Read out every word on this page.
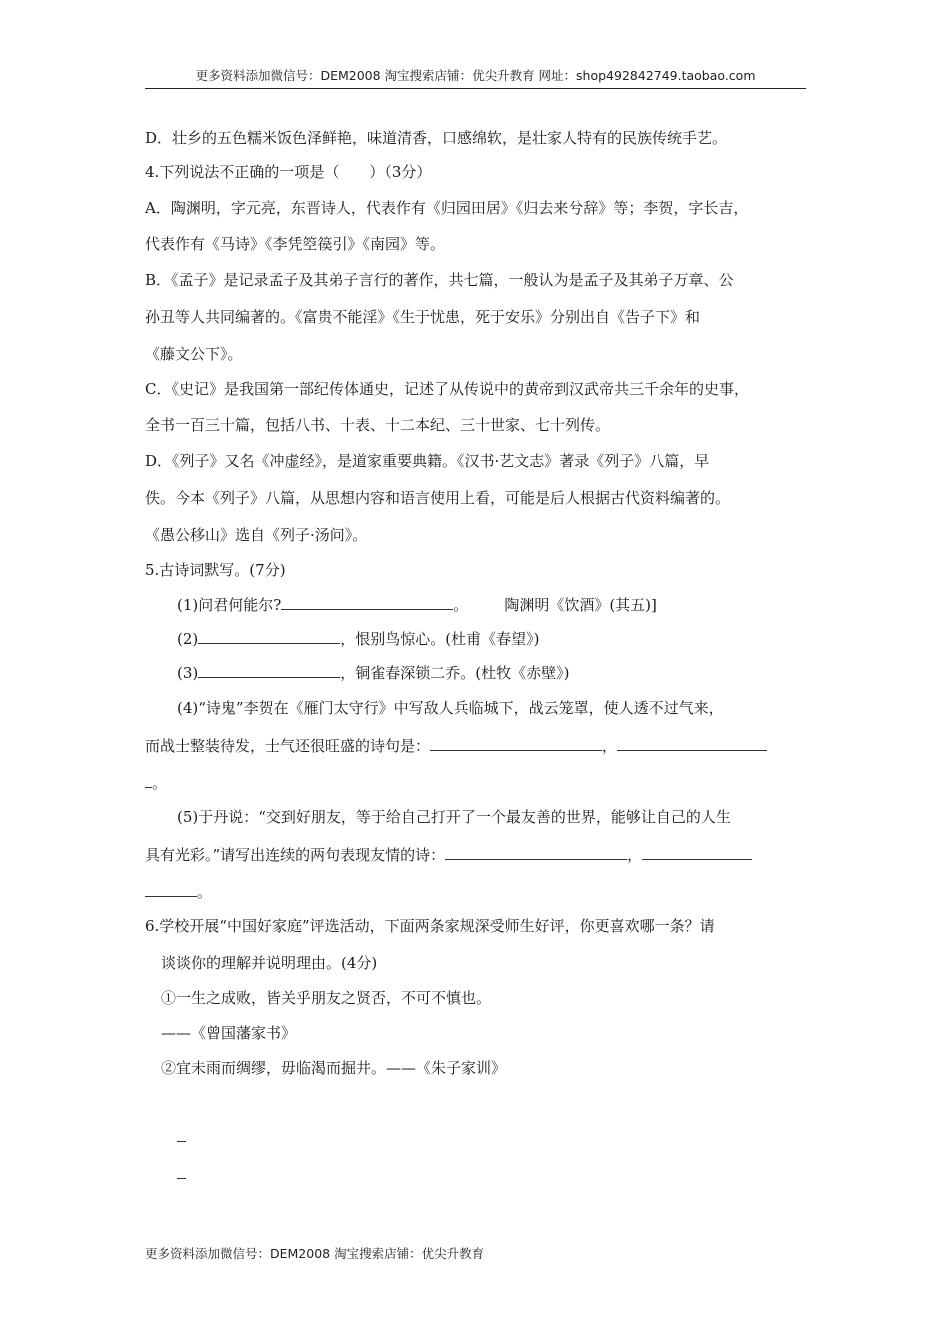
更多资料添加微信号：DEM2008 淘宝搜索店铺：优尖升教育 网址：shop492842749.taobao.com
D．壮乡的五色糯米饭色泽鲜艳，味道清香，口感绵软，是壮家人特有的民族传统手艺。
4.下列说法不正确的一项是（　　）（3分）
A．陶渊明，字元亮，东晋诗人，代表作有《归园田居》《归去来兮辞》等；李贺，字长吉，
代表作有《马诗》《李凭箜篌引》《南园》等。
B．《孟子》是记录孟子及其弟子言行的著作，共七篇，一般认为是孟子及其弟子万章、公
孙丑等人共同编著的。《富贵不能淫》《生于忧患，死于安乐》分别出自《告子下》和
《藤文公下》。
C．《史记》是我国第一部纪传体通史，记述了从传说中的黄帝到汉武帝共三千余年的史事，
全书一百三十篇，包括八书、十表、十二本纪、三十世家、七十列传。
D．《列子》又名《冲虚经》，是道家重要典籍。《汉书·艺文志》著录《列子》八篇，早
佚。今本《列子》八篇，从思想内容和语言使用上看，可能是后人根据古代资料编著的。
《愚公移山》选自《列子·汤问》。
5.古诗词默写。(7分)
(1)问君何能尔?	。 陶渊明《饮酒》(其五)]
(2)	，恨别鸟惊心。(杜甫《春望》)
(3)	，铜雀春深锁二乔。(杜牧《赤壁》)
(4)“诗鬼”李贺在《雁门太守行》中写敌人兵临城下，战云笼罩，使人透不过气来，
而战士整装待发，士气还很旺盛的诗句是：	，
。
(5)于丹说：“交到好朋友，等于给自己打开了一个最友善的世界，能够让自己的人生
具有光彩。”请写出连续的两句表现友情的诗：	，
。
6.学校开展“中国好家庭”评选活动，下面两条家规深受师生好评，你更喜欢哪一条？请
谈谈你的理解并说明理由。(4分)
①一生之成败，皆关乎朋友之贤否，不可不慎也。
——《曾国藩家书》
②宜未雨而绸缪，毋临渴而掘井。——《朱子家训》
更多资料添加微信号：DEM2008 淘宝搜索店铺：优尖升教育
